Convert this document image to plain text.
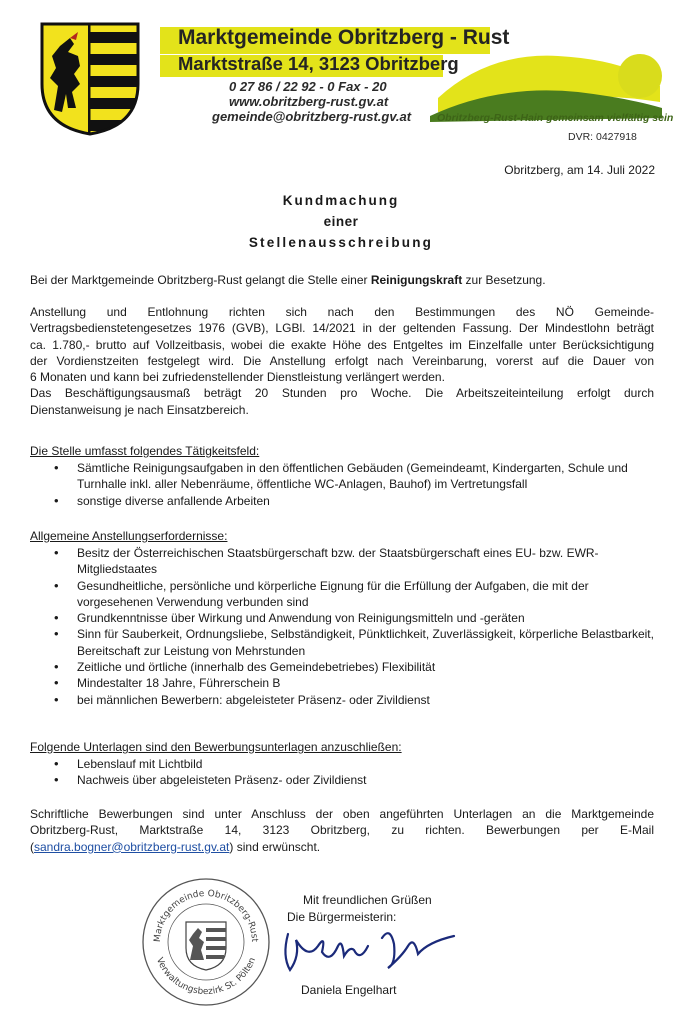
Marktgemeinde Obritzberg - Rust
Marktstraße 14, 3123 Obritzberg
0 27 86 / 22 92 - 0 Fax - 20
www.obritzberg-rust.gv.at
gemeinde@obritzberg-rust.gv.at Obritzberg-Rust-Hain gemeinsam vielfältig sein
DVR: 0427918
Obritzberg, am 14. Juli 2022
Kundmachung
einer
Stellenausschreibung
Bei der Marktgemeinde Obritzberg-Rust gelangt die Stelle einer Reinigungskraft zur Besetzung.
Anstellung und Entlohnung richten sich nach den Bestimmungen des NÖ Gemeinde-
Vertragsbedienstetengesetzes 1976 (GVB), LGBl. 14/2021 in der geltenden Fassung. Der Mindestlohn beträgt
ca. 1.780,- brutto auf Vollzeitbasis, wobei die exakte Höhe des Entgeltes im Einzelfalle unter Berücksichtigung
der Vordienstzeiten festgelegt wird. Die Anstellung erfolgt nach Vereinbarung, vorerst auf die Dauer von
6 Monaten und kann bei zufriedenstellender Dienstleistung verlängert werden.
Das Beschäftigungsausmaß beträgt 20 Stunden pro Woche. Die Arbeitszeiteinteilung erfolgt durch
Dienstanweisung je nach Einsatzbereich.
Die Stelle umfasst folgendes Tätigkeitsfeld:
• Sämtliche Reinigungsaufgaben in den öffentlichen Gebäuden (Gemeindeamt, Kindergarten, Schule und Turnhalle inkl. aller Nebenräume, öffentliche WC-Anlagen, Bauhof) im Vertretungsfall
• sonstige diverse anfallende Arbeiten
Allgemeine Anstellungserfordernisse:
• Besitz der Österreichischen Staatsbürgerschaft bzw. der Staatsbürgerschaft eines EU- bzw. EWR-Mitgliedstaates
• Gesundheitliche, persönliche und körperliche Eignung für die Erfüllung der Aufgaben, die mit der vorgesehenen Verwendung verbunden sind
• Grundkenntnisse über Wirkung und Anwendung von Reinigungsmitteln und -geräten
• Sinn für Sauberkeit, Ordnungsliebe, Selbständigkeit, Pünktlichkeit, Zuverlässigkeit, körperliche Belastbarkeit, Bereitschaft zur Leistung von Mehrstunden
• Zeitliche und örtliche (innerhalb des Gemeindebetriebes) Flexibilität
• Mindestalter 18 Jahre, Führerschein B
• bei männlichen Bewerbern: abgeleisteter Präsenz- oder Zivildienst
Folgende Unterlagen sind den Bewerbungsunterlagen anzuschließen:
• Lebenslauf mit Lichtbild
• Nachweis über abgeleisteten Präsenz- oder Zivildienst
Schriftliche Bewerbungen sind unter Anschluss der oben angeführten Unterlagen an die Marktgemeinde
Obritzberg-Rust, Marktstraße 14, 3123 Obritzberg, zu richten. Bewerbungen per E-Mail
(sandra.bogner@obritzberg-rust.gv.at) sind erwünscht.
Marktgemeinde Obritzberg-Rust
Verwaltungsbezirk St. Pölten
Mit freundlichen Grüßen
Die Bürgermeisterin:
Daniela Engelhart
